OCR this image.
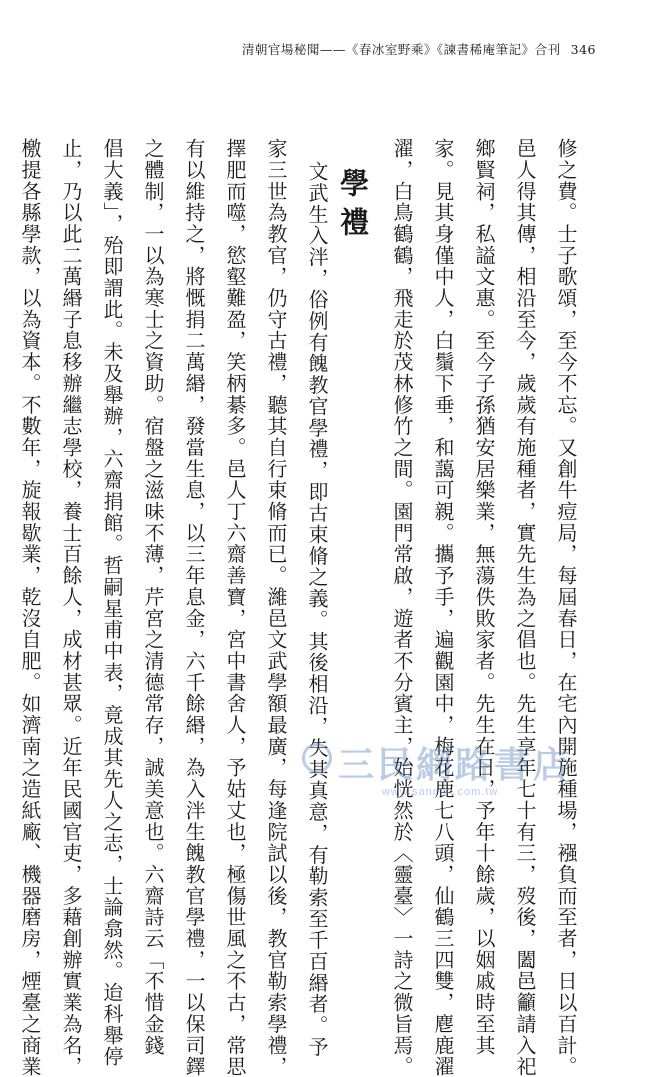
清朝官場秘聞——《春冰室野乘》《諫書稀庵筆記》合刊 346
修之費。士子歌頌，至今不忘。又創牛痘局，每屆春日，在宅內開施種場，襁負而至者，日以百計。
邑人得其傳，相沿至今，歲歲有施種者，實先生為之倡也。先生享年七十有三，歿後，闔邑籲請入祀
鄉賢祠，私謚文惠。至今子孫猶安居樂業，無蕩佚敗家者。先生在日，予年十餘歲，以姻戚時至其
家。見其身僅中人，白鬚下垂，和藹可親。攜予手，遍觀園中，梅花鹿七八頭，仙鶴三四雙，麀鹿濯
濯，白鳥鶴鶴，飛走於茂林修竹之間。園門常啟，遊者不分賓主，始恍然於〈靈臺〉一詩之微旨焉。
學禮
文武生入泮，俗例有餽教官學禮，即古束脩之義。其後相沿，失其真意，有勒索至千百緡者。予
家三世為教官，仍守古禮，聽其自行束脩而已。濰邑文武學額最廣，每逢院試以後，教官勒索學禮，
擇肥而噬，慾壑難盈，笑柄綦多。邑人丁六齋善寶，宮中書舍人，予姑丈也，極傷世風之不古，常思
有以維持之，將慨捐二萬緡，發當生息，以三年息金，六千餘緡，為入泮生餽教官學禮，一以保司鐸
之體制，一以為寒士之資助。宿盤之滋味不薄，芹宮之清德常存，誠美意也。六齋詩云「不惜金錢
倡大義」，殆即謂此。未及舉辦，六齋捐館。哲嗣星甫中表，竟成其先人之志，士論翕然。迨科舉停
止，乃以此二萬緡子息移辦繼志學校，養士百餘人，成材甚眾。近年民國官吏，多藉創辦實業為名，
檄提各縣學款，以為資本。不數年，旋報歇業，乾沒自肥。如濟南之造紙廠、機器磨房，煙臺之商業	三民網路書店
www.sanmin.com.tw
